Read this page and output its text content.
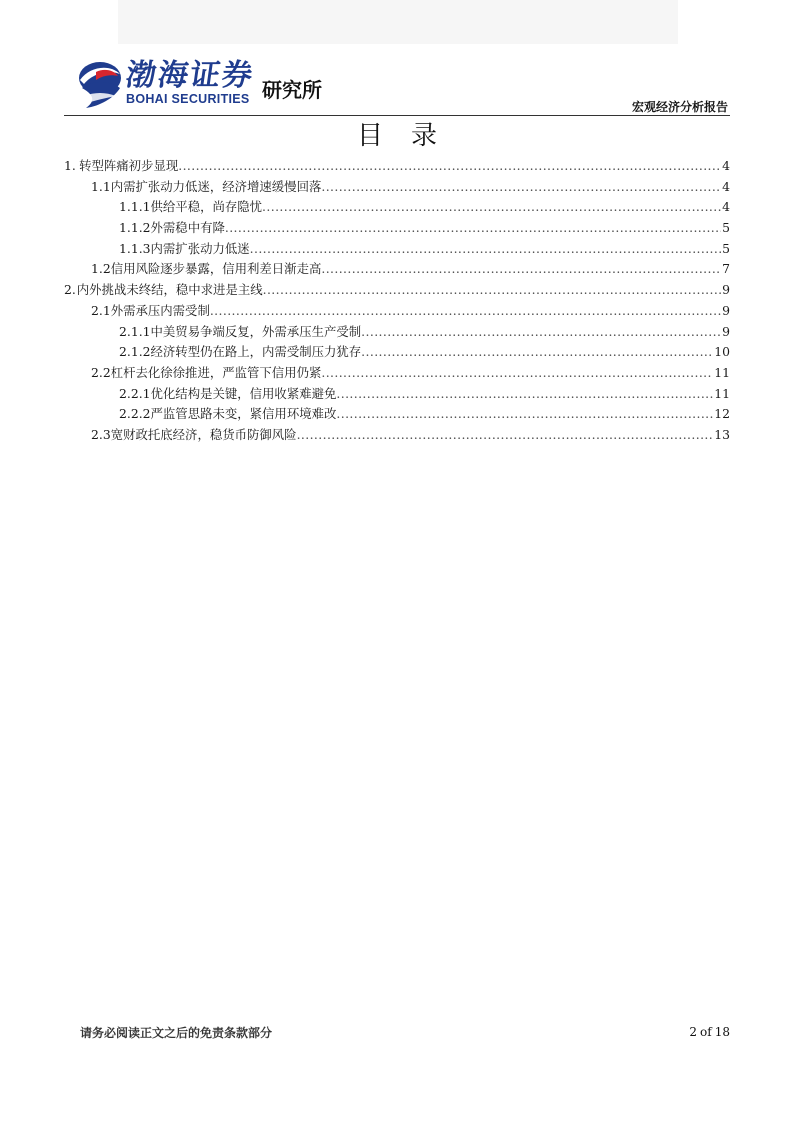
渤海证券
BOHAI SECURITIES 研究所
宏观经济分析报告
目录
1. 转型阵痛初步显现 .....	4
1.1 内需扩张动力低迷，经济增速缓慢回落 .....	4
1.1.1 供给平稳，尚存隐忧 .....	4
1.1.2 外需稳中有降 .....	5
1.1.3 内需扩张动力低迷 .....	5
1.2 信用风险逐步暴露，信用利差日渐走高 .....	7
2. 内外挑战未终结，稳中求进是主线 .....	9
2.1 外需承压内需受制 .....	9
2.1.1 中美贸易争端反复，外需承压生产受制 .....	9
2.1.2 经济转型仍在路上，内需受制压力犹存 .....	10
2.2 杠杆去化徐徐推进，严监管下信用仍紧 .....	11
2.2.1 优化结构是关键，信用收紧难避免 .....	11
2.2.2 严监管思路未变，紧信用环境难改 .....	12
2.3 宽财政托底经济，稳货币防御风险 .....	13
请务必阅读正文之后的免责条款部分	2 of 18
